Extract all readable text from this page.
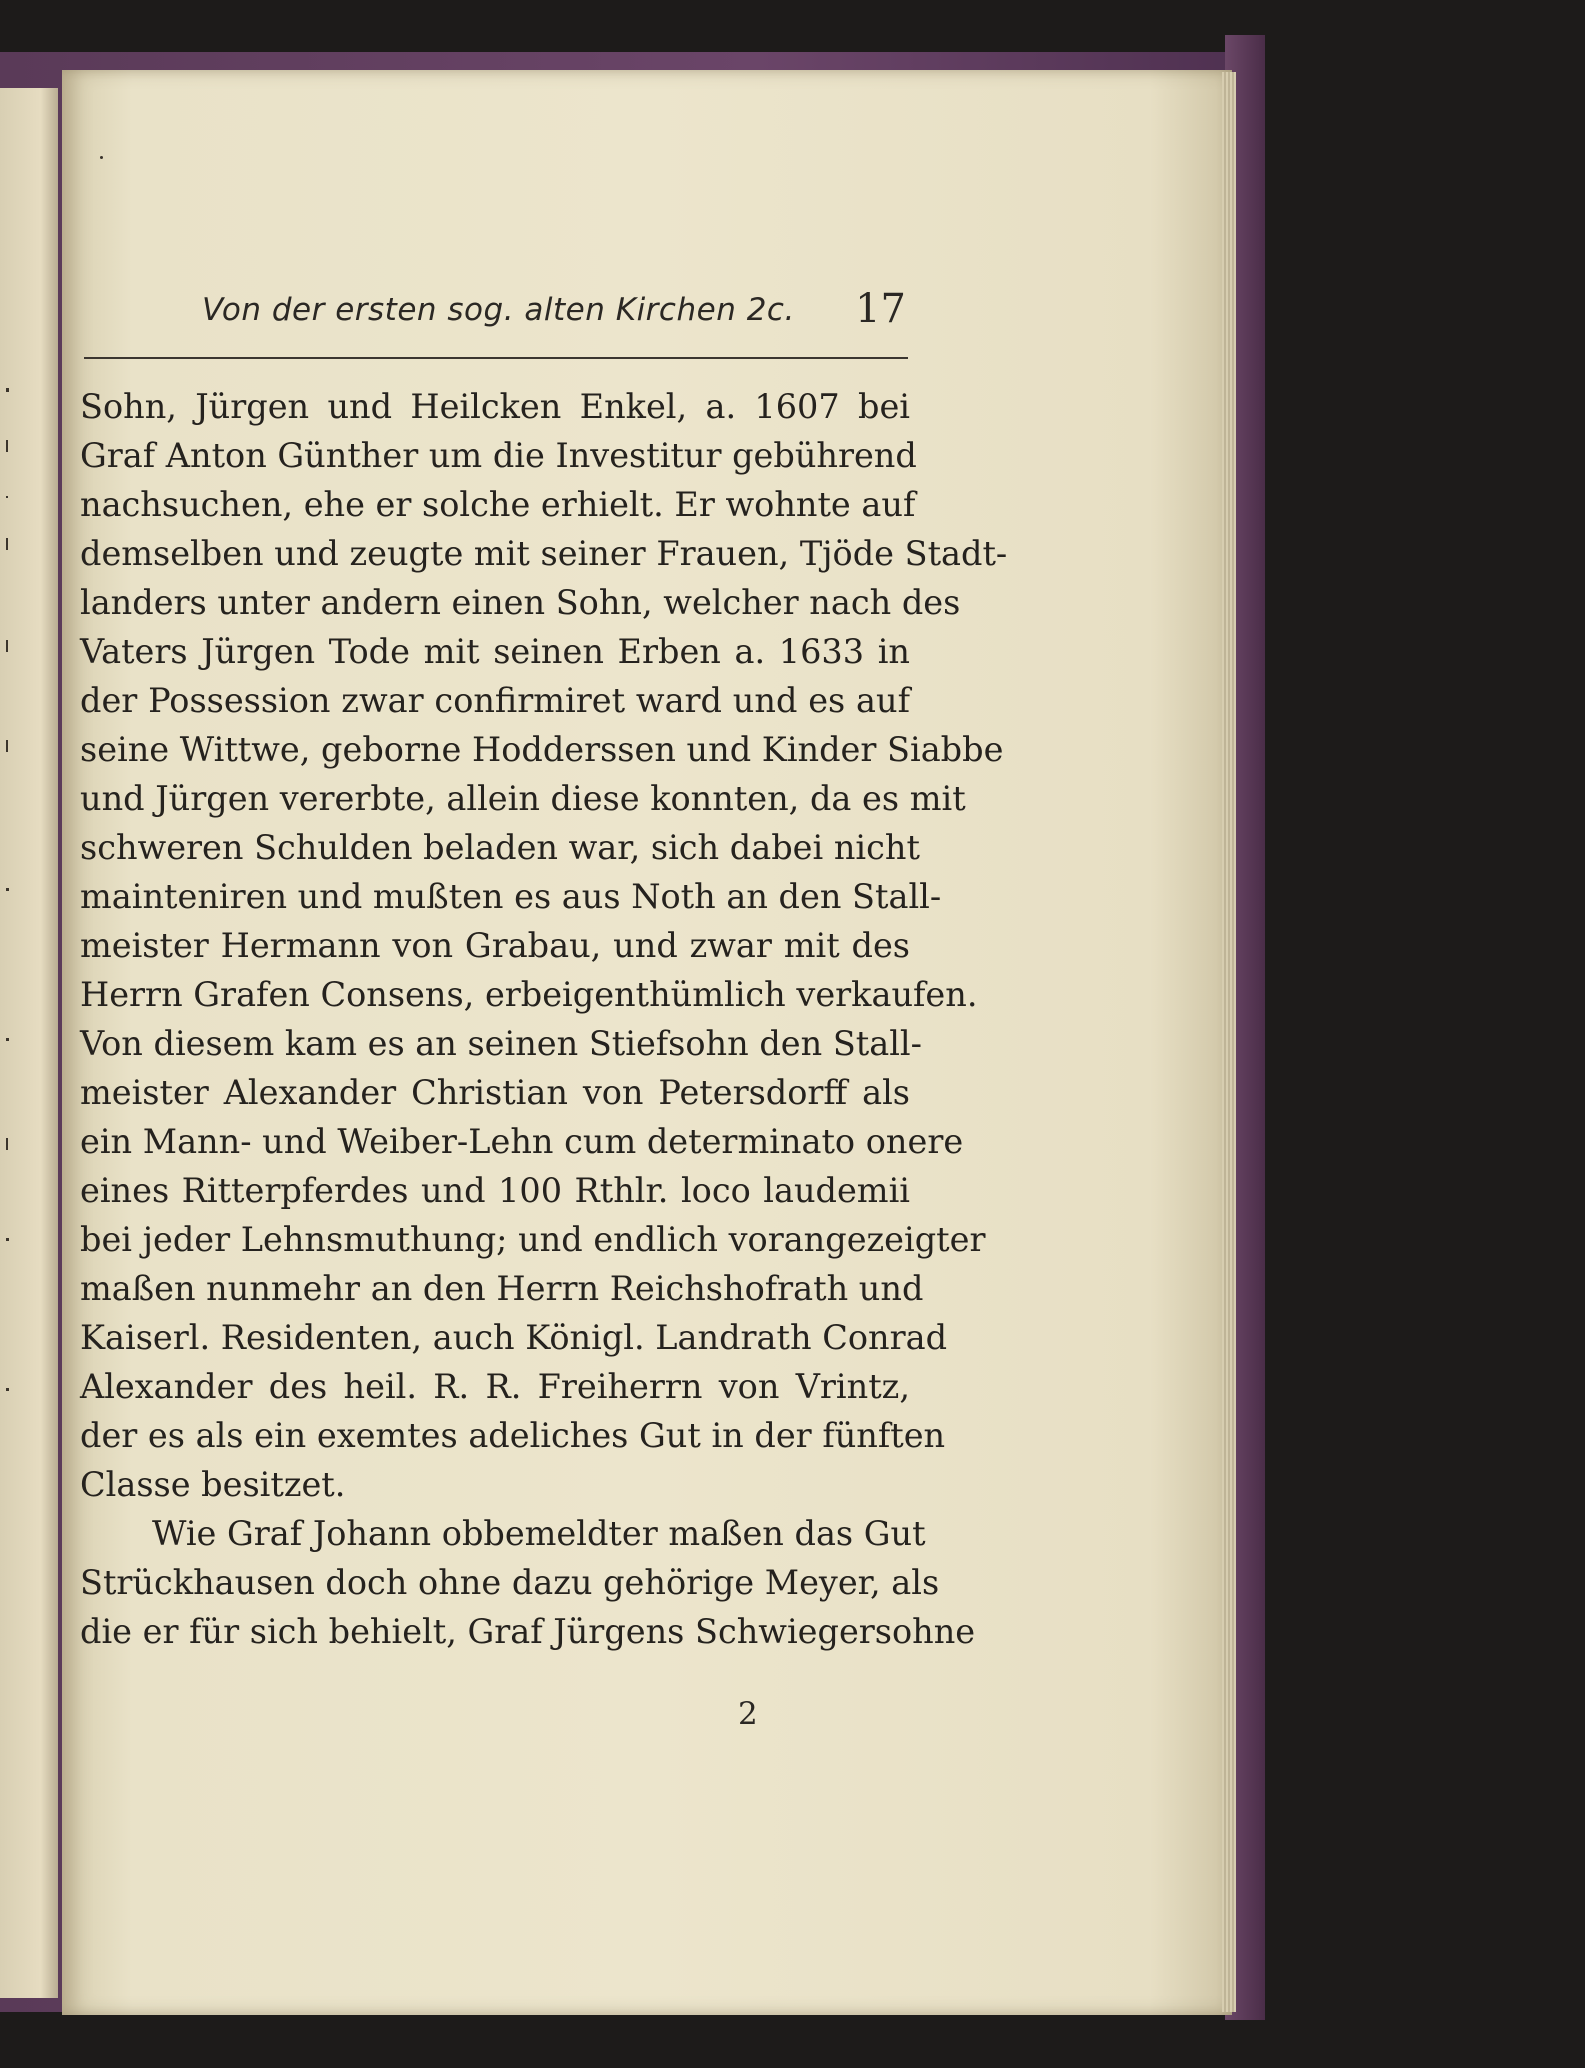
Von der ersten sog. alten Kirchen 2c. 17
Sohn, Jürgen und Heilcken Enkel, a. 1607 bei
Graf Anton Günther um die Investitur gebührend
nachsuchen, ehe er solche erhielt. Er wohnte auf
demselben und zeugte mit seiner Frauen, Tjöde Stadt-
landers unter andern einen Sohn, welcher nach des
Vaters Jürgen Tode mit seinen Erben a. 1633 in
der Possession zwar confirmiret ward und es auf
seine Wittwe, geborne Hodderssen und Kinder Siabbe
und Jürgen vererbte, allein diese konnten, da es mit
schweren Schulden beladen war, sich dabei nicht
mainteniren und mußten es aus Noth an den Stall-
meister Hermann von Grabau, und zwar mit des
Herrn Grafen Consens, erbeigenthümlich verkaufen.
Von diesem kam es an seinen Stiefsohn den Stall-
meister Alexander Christian von Petersdorff als
ein Mann- und Weiber-Lehn cum determinato onere
eines Ritterpferdes und 100 Rthlr. loco laudemii
bei jeder Lehnsmuthung; und endlich vorangezeigter
maßen nunmehr an den Herrn Reichshofrath und
Kaiserl. Residenten, auch Königl. Landrath Conrad
Alexander des heil. R. R. Freiherrn von Vrintz,
der es als ein exemtes adeliches Gut in der fünften
Classe besitzet.
Wie Graf Johann obbemeldter maßen das Gut
Strückhausen doch ohne dazu gehörige Meyer, als
die er für sich behielt, Graf Jürgens Schwiegersohne
2
